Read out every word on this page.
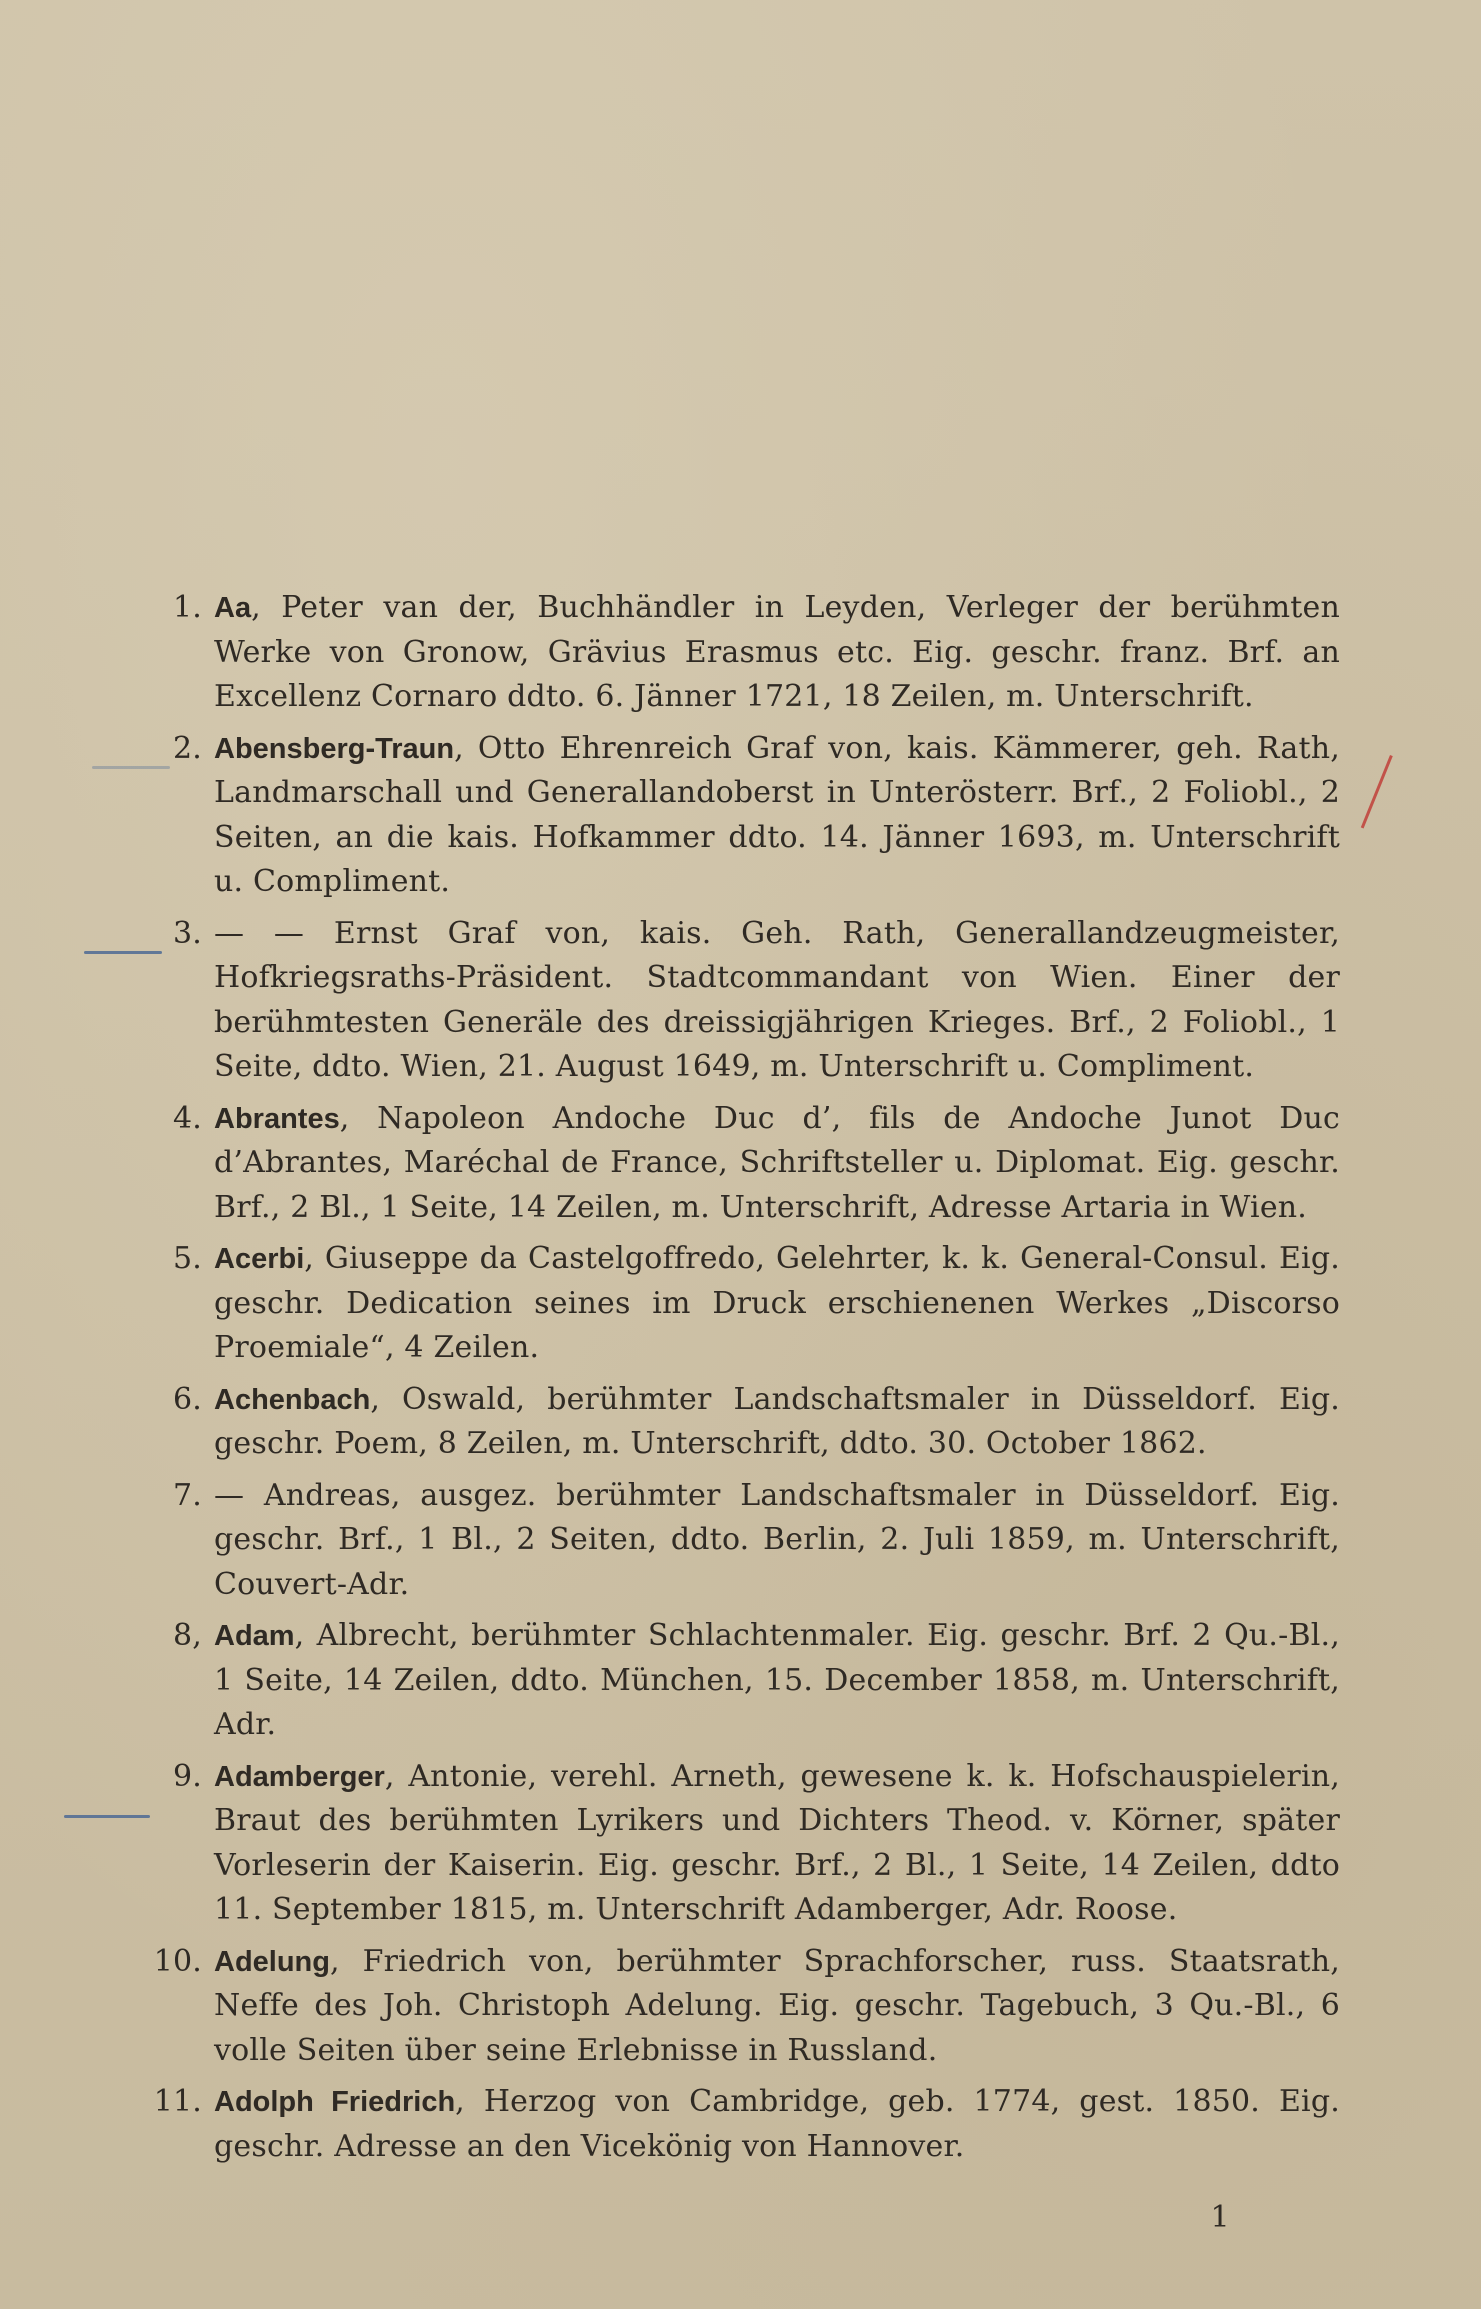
1. Aa, Peter van der, Buchhändler in Leyden, Verleger der berühmten Werke von Gronow, Grävius Erasmus etc. Eig. geschr. franz. Brf. an Excellenz Cornaro ddto. 6. Jänner 1721, 18 Zeilen, m. Unterschrift.
2. Abensberg-Traun, Otto Ehrenreich Graf von, kais. Kämmerer, geh. Rath, Landmarschall und Generallandoberst in Unterösterr. Brf., 2 Foliobl., 2 Seiten, an die kais. Hofkammer ddto. 14. Jänner 1693, m. Unterschrift u. Compliment.
3. — — Ernst Graf von, kais. Geh. Rath, Generallandzeugmeister, Hofkriegsraths-Präsident. Stadtcommandant von Wien. Einer der berühmtesten Generäle des dreissigjährigen Krieges. Brf., 2 Foliobl., 1 Seite, ddto. Wien, 21. August 1649, m. Unterschrift u. Compliment.
4. Abrantes, Napoleon Andoche Duc d’, fils de Andoche Junot Duc d’Abrantes, Maréchal de France, Schriftsteller u. Diplomat. Eig. geschr. Brf., 2 Bl., 1 Seite, 14 Zeilen, m. Unterschrift, Adresse Artaria in Wien.
5. Acerbi, Giuseppe da Castelgoffredo, Gelehrter, k. k. General-Consul. Eig. geschr. Dedication seines im Druck erschienenen Werkes „Discorso Proemiale“, 4 Zeilen.
6. Achenbach, Oswald, berühmter Landschaftsmaler in Düsseldorf. Eig. geschr. Poem, 8 Zeilen, m. Unterschrift, ddto. 30. October 1862.
7. — Andreas, ausgez. berühmter Landschaftsmaler in Düsseldorf. Eig. geschr. Brf., 1 Bl., 2 Seiten, ddto. Berlin, 2. Juli 1859, m. Unterschrift, Couvert-Adr.
8, Adam, Albrecht, berühmter Schlachtenmaler. Eig. geschr. Brf. 2 Qu.-Bl., 1 Seite, 14 Zeilen, ddto. München, 15. December 1858, m. Unterschrift, Adr.
9. Adamberger, Antonie, verehl. Arneth, gewesene k. k. Hofschauspielerin, Braut des berühmten Lyrikers und Dichters Theod. v. Körner, später Vorleserin der Kaiserin. Eig. geschr. Brf., 2 Bl., 1 Seite, 14 Zeilen, ddto 11. September 1815, m. Unterschrift Adamberger, Adr. Roose.
10. Adelung, Friedrich von, berühmter Sprachforscher, russ. Staatsrath, Neffe des Joh. Christoph Adelung. Eig. geschr. Tagebuch, 3 Qu.-Bl., 6 volle Seiten über seine Erlebnisse in Russland.
11. Adolph Friedrich, Herzog von Cambridge, geb. 1774, gest. 1850. Eig. geschr. Adresse an den Vicekönig von Hannover.
1
